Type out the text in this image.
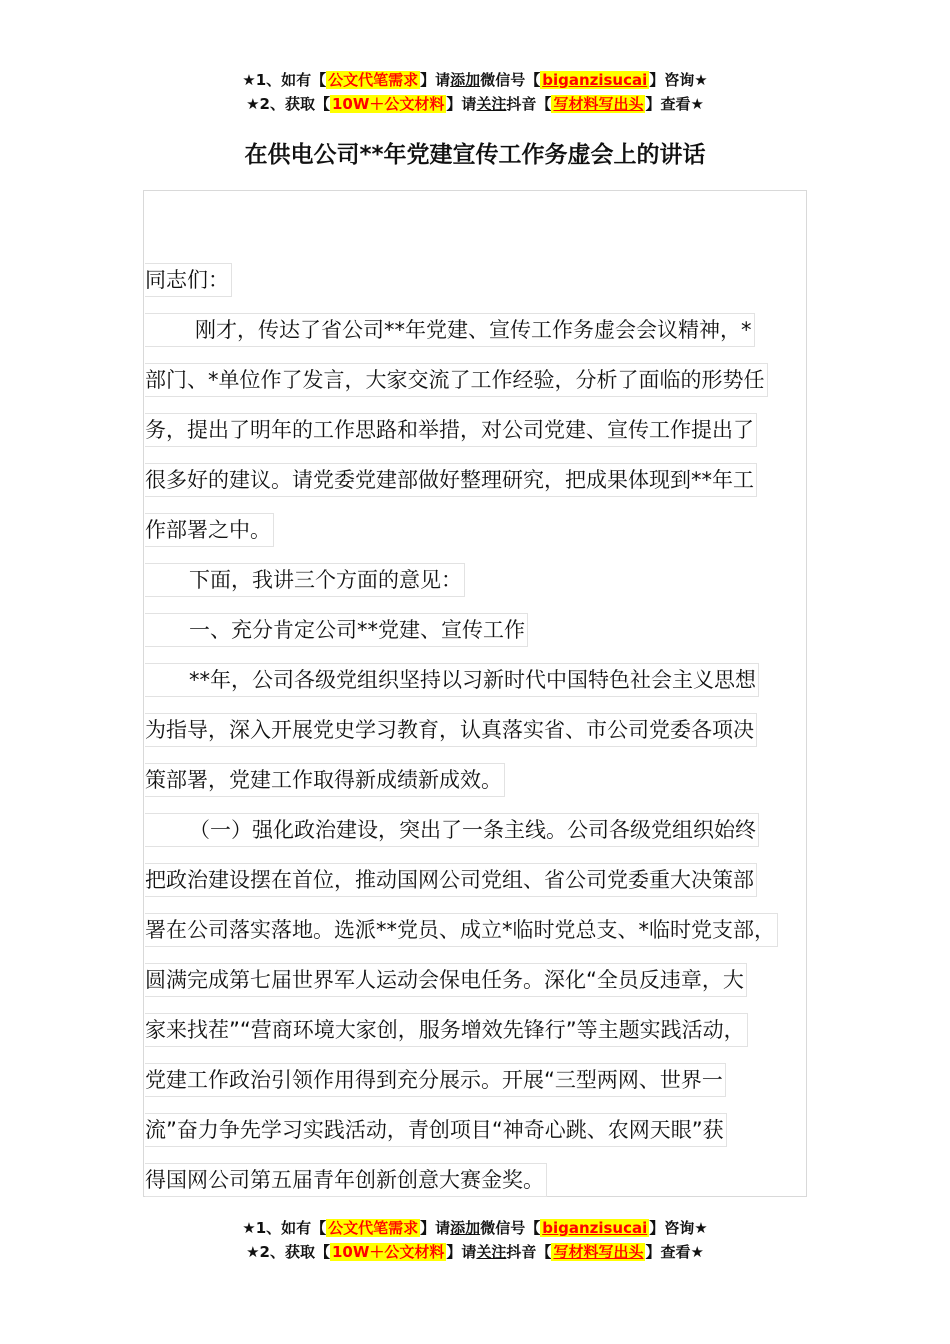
★1、如有【 公文代笔需求 】请添加微信号【 biganzisucai 】咨询★
★2、获取【 10W＋公文材料 】请关注抖音【 写材料写出头 】查看★
在供电公司**年党建宣传工作务虚会上的讲话
同志们：
刚才，传达了省公司**年党建、宣传工作务虚会会议精神，*
部门、*单位作了发言，大家交流了工作经验，分析了面临的形势任
务，提出了明年的工作思路和举措，对公司党建、宣传工作提出了
很多好的建议。请党委党建部做好整理研究，把成果体现到**年工
作部署之中。
下面，我讲三个方面的意见：
一、充分肯定公司**党建、宣传工作
**年，公司各级党组织坚持以习新时代中国特色社会主义思想
为指导，深入开展党史学习教育，认真落实省、市公司党委各项决
策部署，党建工作取得新成绩新成效。
（一）强化政治建设，突出了一条主线。公司各级党组织始终
把政治建设摆在首位，推动国网公司党组、省公司党委重大决策部
署在公司落实落地。选派**党员、成立*临时党总支、*临时党支部，
圆满完成第七届世界军人运动会保电任务。深化“全员反违章，大
家来找茬”“营商环境大家创，服务增效先锋行”等主题实践活动，
党建工作政治引领作用得到充分展示。开展“三型两网、世界一
流”奋力争先学习实践活动，青创项目“神奇心跳、农网天眼”获
得国网公司第五届青年创新创意大赛金奖。
★1、如有【 公文代笔需求 】请添加微信号【 biganzisucai 】咨询★
★2、获取【 10W＋公文材料 】请关注抖音【 写材料写出头 】查看★
